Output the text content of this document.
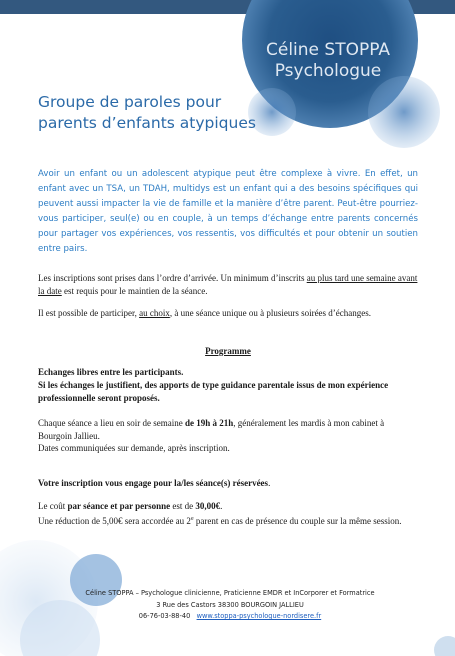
Céline STOPPA
Psychologue
Groupe de paroles pour
parents d’enfants atypiques

Avoir un enfant ou un adolescent atypique peut être complexe à vivre. En effet, un enfant avec un TSA, un TDAH, multidys est un enfant qui a des besoins spécifiques qui peuvent aussi impacter la vie de famille et la manière d’être parent. Peut-être pourriez-vous participer, seul(e) ou en couple, à un temps d’échange entre parents concernés pour partager vos expériences, vos ressentis, vos difficultés et pour obtenir un soutien entre pairs.

Les inscriptions sont prises dans l’ordre d’arrivée. Un minimum d’inscrits au plus tard une semaine avant la date est requis pour le maintien de la séance.

Il est possible de participer, au choix, à une séance unique ou à plusieurs soirées d’échanges.

Programme

Echanges libres entre les participants.

Si les échanges le justifient, des apports de type guidance parentale issus de mon expérience professionnelle seront proposés.

Chaque séance a lieu en soir de semaine de 19h à 21h, généralement les mardis à mon cabinet à Bourgoin Jallieu.
Dates communiquées sur demande, après inscription.

Votre inscription vous engage pour la/les séance(s) réservées.

Le coût par séance et par personne est de 30,00€.
Une réduction de 5,00€ sera accordée au 2e parent en cas de présence du couple sur la même session.

Céline STOPPA – Psychologue clinicienne, Praticienne EMDR et InCorporer et Formatrice
3 Rue des Castors 38300 BOURGOIN JALLIEU
06-76-03-88-40 www.stoppa-psychologue-nordisere.fr
